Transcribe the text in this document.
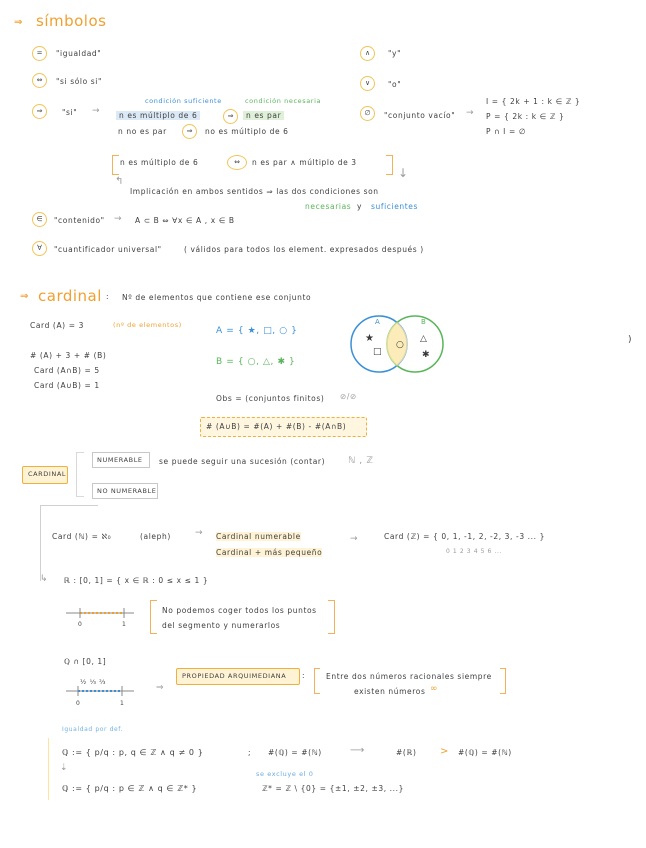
⇒ símbolos
=	"igualdad"
⇔	"si sólo si"
⇒	"si" →
condición suficiente	condición necesaria
n es múltiplo de 6	⇒	n es par
n no es par	⇒	no es múltiplo de 6
n es múltiplo de 6	⇔	n es par ∧ múltiplo de 3
↰
↓
Implicación en ambos sentidos ⇒ las dos condiciones son
necesarias y suficientes
∈	"contenido" → A ⊂ B ⇔ ∀x ∈ A , x ∈ B
∀	"cuantificador universal"	( válidos para todos los element. expresados después )
∧	"y"
∨	"o"
∅	"conjunto vacío" →
I = { 2k + 1 : k ∈ ℤ }
P = { 2k : k ∈ ℤ }
P ∩ I = ∅
⇒ cardinal : Nº de elementos que contiene ese conjunto
Card (A) = 3	(nº de elementos)
# (A) + 3 + # (B)
Card (A∩B) = 5
Card (A∪B) = 1
A = { ★, □, ○ }
B = { ○, △, ✱ }
A	B
★
□
○
△
✱
)
Obs = (conjuntos finitos) ⊘/⊘
# (A∪B) = #(A) + #(B) - #(A∩B)
CARDINAL
NUMERABLE se puede seguir una sucesión (contar)	ℕ , ℤ
NO NUMERABLE
Card (ℕ) = ℵ₀	(aleph)	→ Cardinal numerable
Cardinal + más pequeño
→	Card (ℤ) = { 0, 1, -1, 2, -2, 3, -3 ... }
0 1 2 3 4 5 6 ...
↳ ℝ : [0, 1] = { x ∈ ℝ : 0 ≤ x ≤ 1 }
0	1
No podemos coger todos los puntos
del segmento y numerarlos
ℚ ∩ [0, 1]
½ ⅓ ⅔
0	1
⇒
PROPIEDAD ARQUIMEDIANA :	Entre dos números racionales siempre
existen números ∞
Igualdad por def.
ℚ := { p/q : p, q ∈ ℤ ∧ q ≠ 0 }	; #(ℚ) = #(ℕ)	⟶	#(ℝ) > #(ℚ) = #(ℕ)
⇣
se excluye el 0
ℚ := { p/q : p ∈ ℤ ∧ q ∈ ℤ* }	ℤ* = ℤ \ {0} = {±1, ±2, ±3, ...}
